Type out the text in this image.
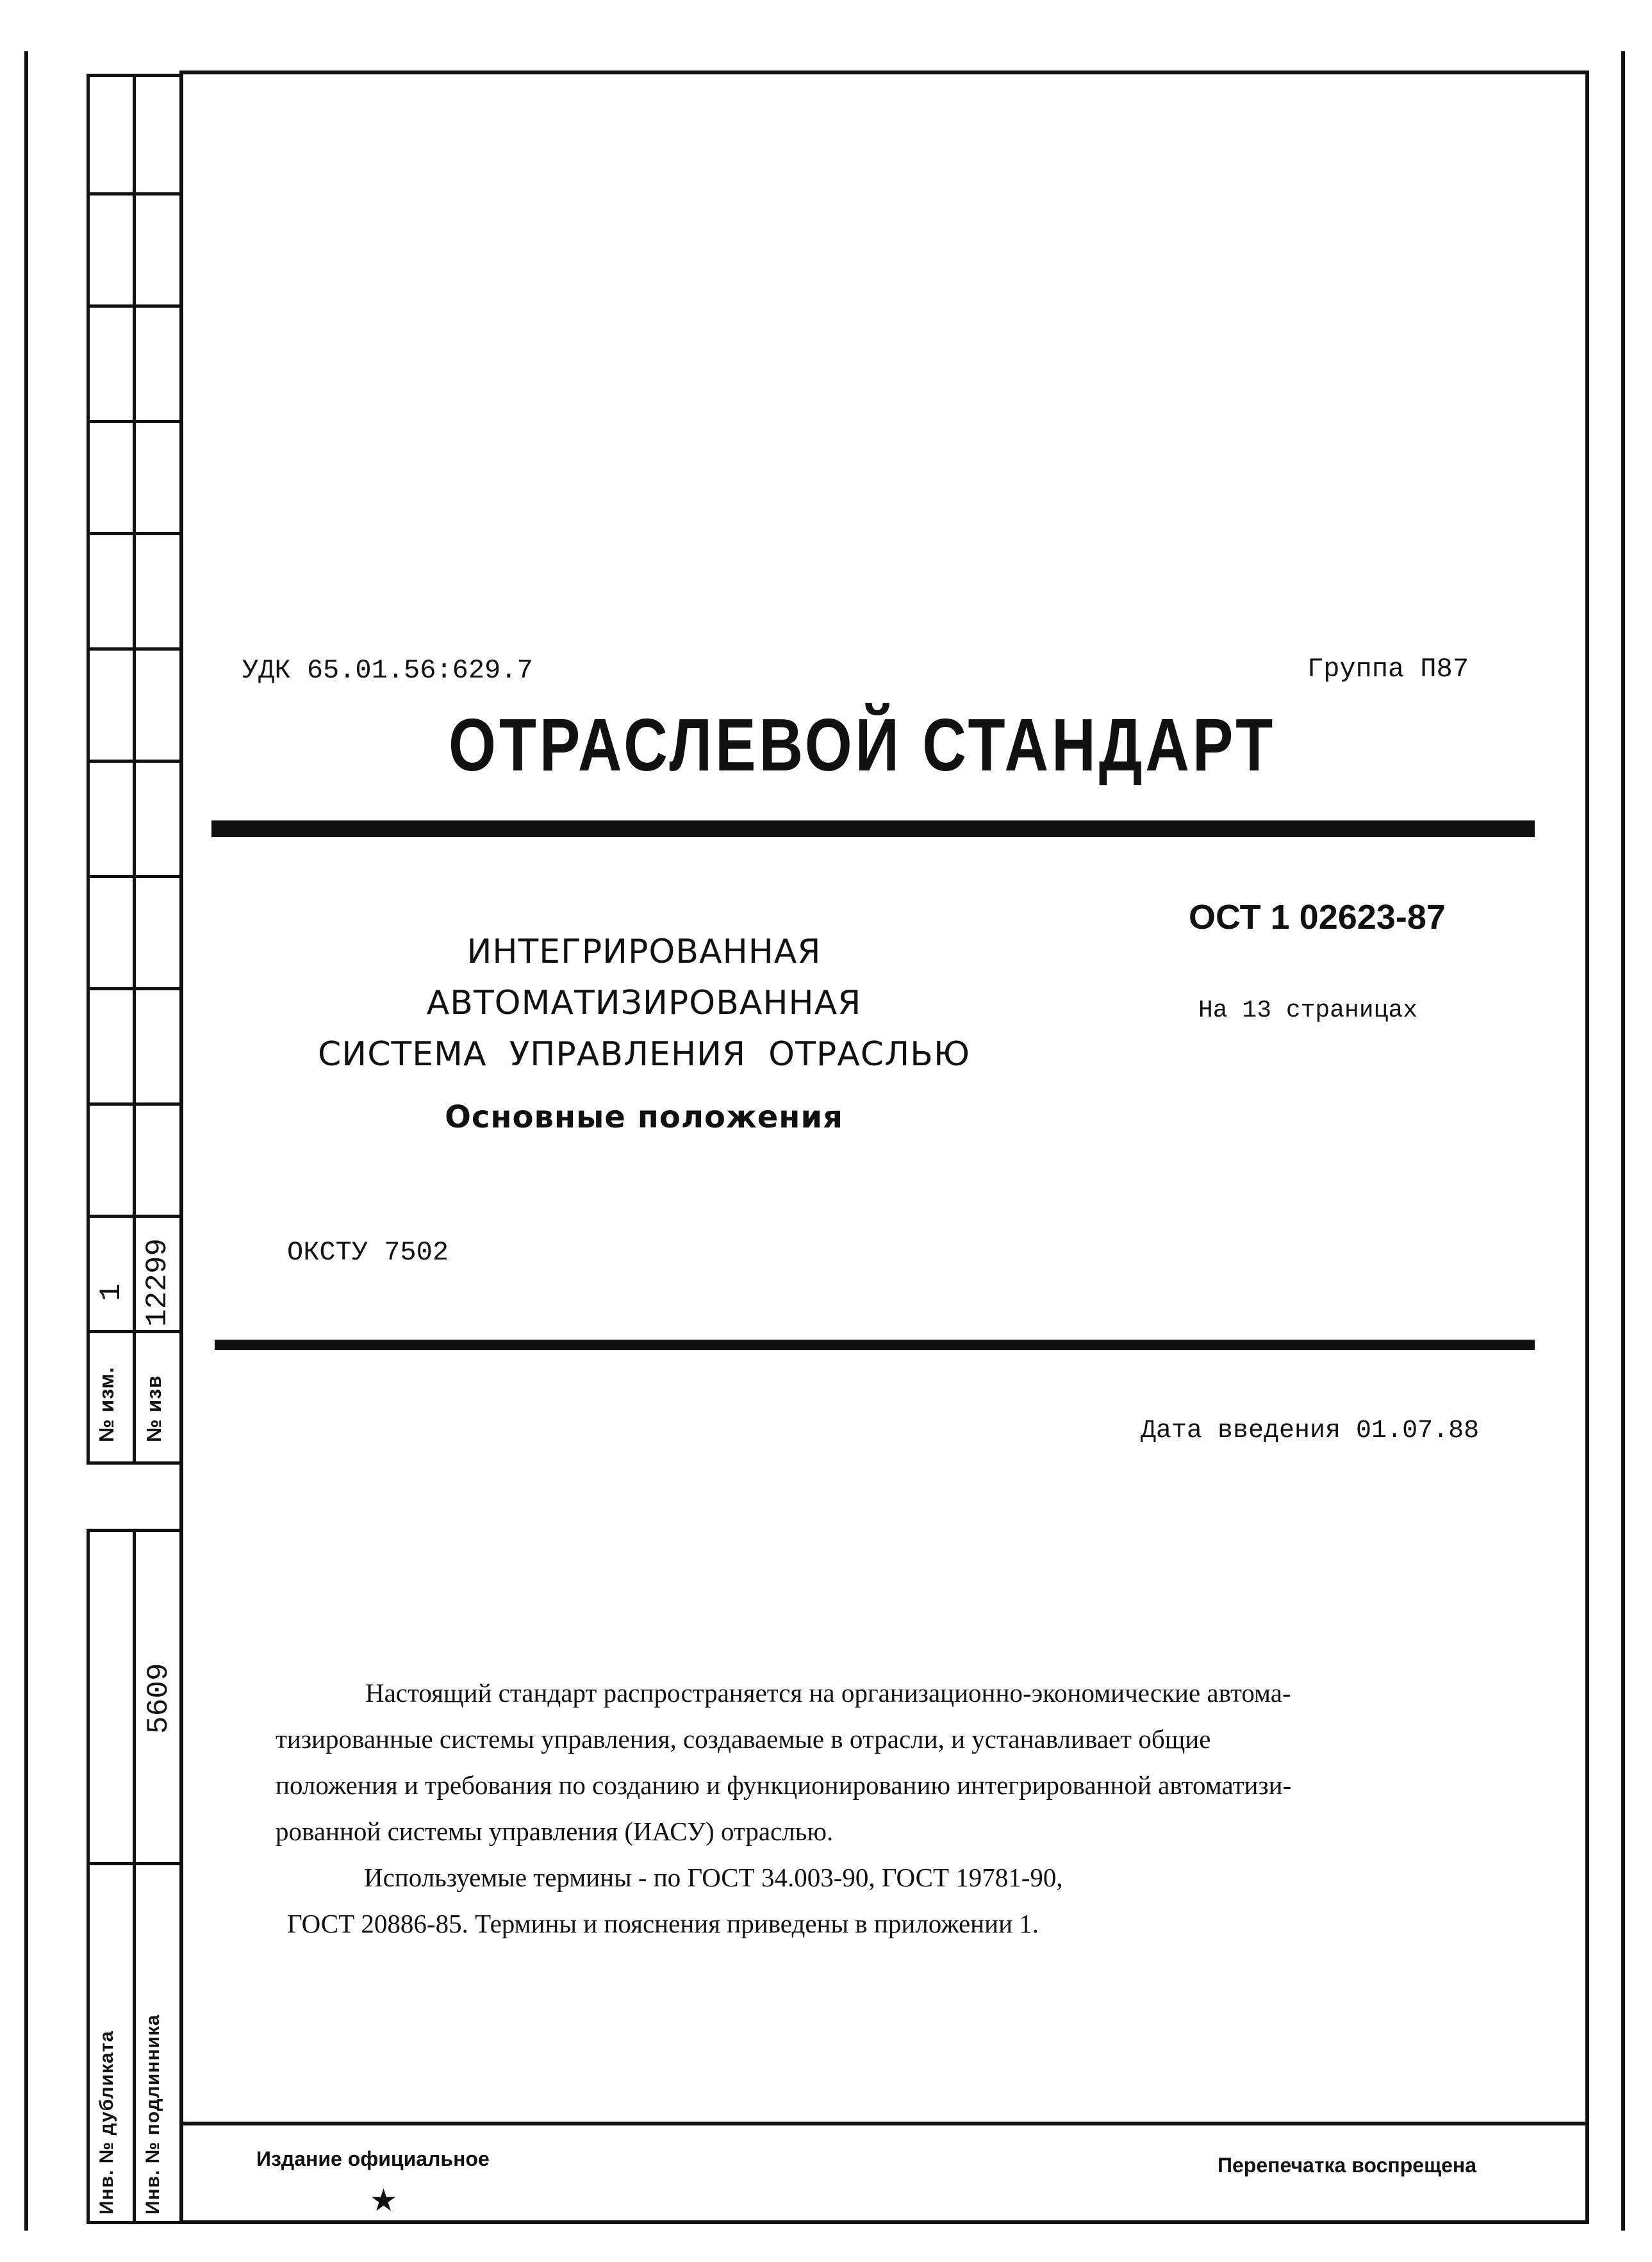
№ изм.
1
№ изв
12299
5609
Инв. № дубликата Инв. № подлинника
УДК 65.01.56:629.7	Группа П87
ОТРАСЛЕВОЙ СТАНДАРТ
ОСТ 1 02623-87
На 13 страницах
ИНТЕГРИРОВАННАЯ
АВТОМАТИЗИРОВАННАЯ
СИСТЕМА  УПРАВЛЕНИЯ  ОТРАСЛЬЮ
Основные положения
ОКСТУ 7502
Дата введения 01.07.88
Настоящий стандарт распространяется на организационно-экономические автома-
тизированные системы управления, создаваемые в отрасли, и устанавливает общие
положения и требования по созданию и функционированию интегрированной автоматизи-
рованной системы управления (ИАСУ) отраслью.
Используемые термины - по ГОСТ 34.003-90, ГОСТ 19781-90,
ГОСТ 20886-85. Термины и пояснения приведены в приложении 1.
Издание официальное
★
Перепечатка воспрещена
